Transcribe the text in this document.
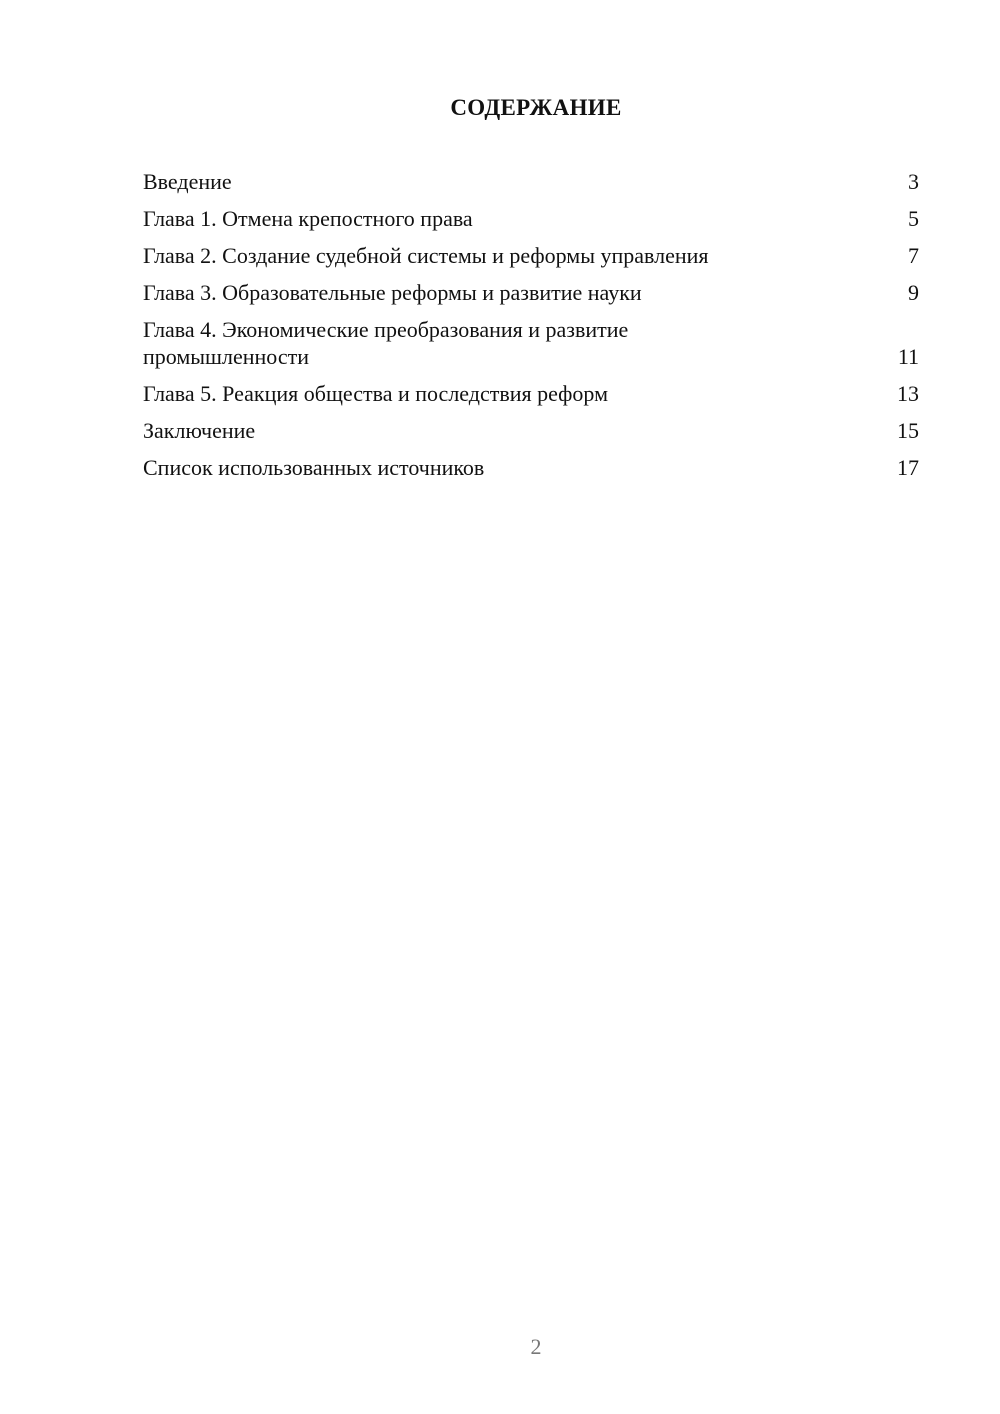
СОДЕРЖАНИЕ
Введение	3
Глава 1. Отмена крепостного права	5
Глава 2. Создание судебной системы и реформы управления	7
Глава 3. Образовательные реформы и развитие науки	9
Глава 4. Экономические преобразования и развитие промышленности	11
Глава 5. Реакция общества и последствия реформ	13
Заключение	15
Список использованных источников	17
2
